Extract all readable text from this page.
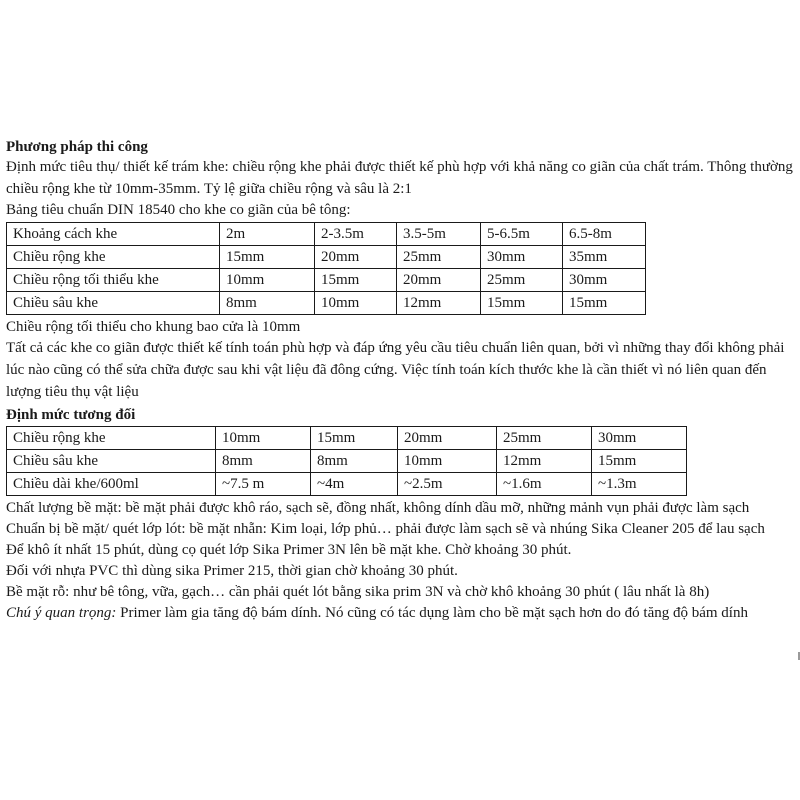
Phương pháp thi công

Định mức tiêu thụ/ thiết kế trám khe: chiều rộng khe phải được thiết kế phù hợp với khả năng co giãn của chất trám. Thông thường chiều rộng khe từ 10mm-35mm. Tỷ lệ giữa chiều rộng và sâu là 2:1

Bảng tiêu chuẩn DIN 18540 cho khe co giãn của bê tông:

Khoảng cách khe	2m	2-3.5m	3.5-5m	5-6.5m	6.5-8m
Chiều rộng khe	15mm	20mm	25mm	30mm	35mm
Chiều rộng tối thiểu khe	10mm	15mm	20mm	25mm	30mm
Chiều sâu khe	8mm	10mm	12mm	15mm	15mm

Chiều rộng tối thiểu cho khung bao cửa là 10mm

Tất cả các khe co giãn được thiết kế tính toán phù hợp và đáp ứng yêu cầu tiêu chuẩn liên quan, bởi vì những thay đổi không phải lúc nào cũng có thể sửa chữa được sau khi vật liệu đã đông cứng. Việc tính toán kích thước khe là cần thiết vì nó liên quan đến lượng tiêu thụ vật liệu

Định mức tương đối

Chiều rộng khe	10mm	15mm	20mm	25mm	30mm
Chiều sâu khe	8mm	8mm	10mm	12mm	15mm
Chiều dài khe/600ml	~7.5 m	~4m	~2.5m	~1.6m	~1.3m

Chất lượng bề mặt: bề mặt phải được khô ráo, sạch sẽ, đồng nhất, không dính dầu mỡ, những mảnh vụn phải được làm sạch

Chuẩn bị bề mặt/ quét lớp lót: bề mặt nhẵn: Kim loại, lớp phủ… phải được làm sạch sẽ và nhúng Sika Cleaner 205 để lau sạch

Để khô ít nhất 15 phút, dùng cọ quét lớp Sika Primer 3N lên bề mặt khe. Chờ khoảng 30 phút.

Đối với nhựa PVC thì dùng sika Primer 215, thời gian chờ khoảng 30 phút.

Bề mặt rỗ: như bê tông, vữa, gạch… cần phải quét lót bằng sika prim 3N và chờ khô khoảng 30 phút ( lâu nhất là 8h)

Chú ý quan trọng: Primer làm gia tăng độ bám dính. Nó cũng có tác dụng làm cho bề mặt sạch hơn do đó tăng độ bám dính
